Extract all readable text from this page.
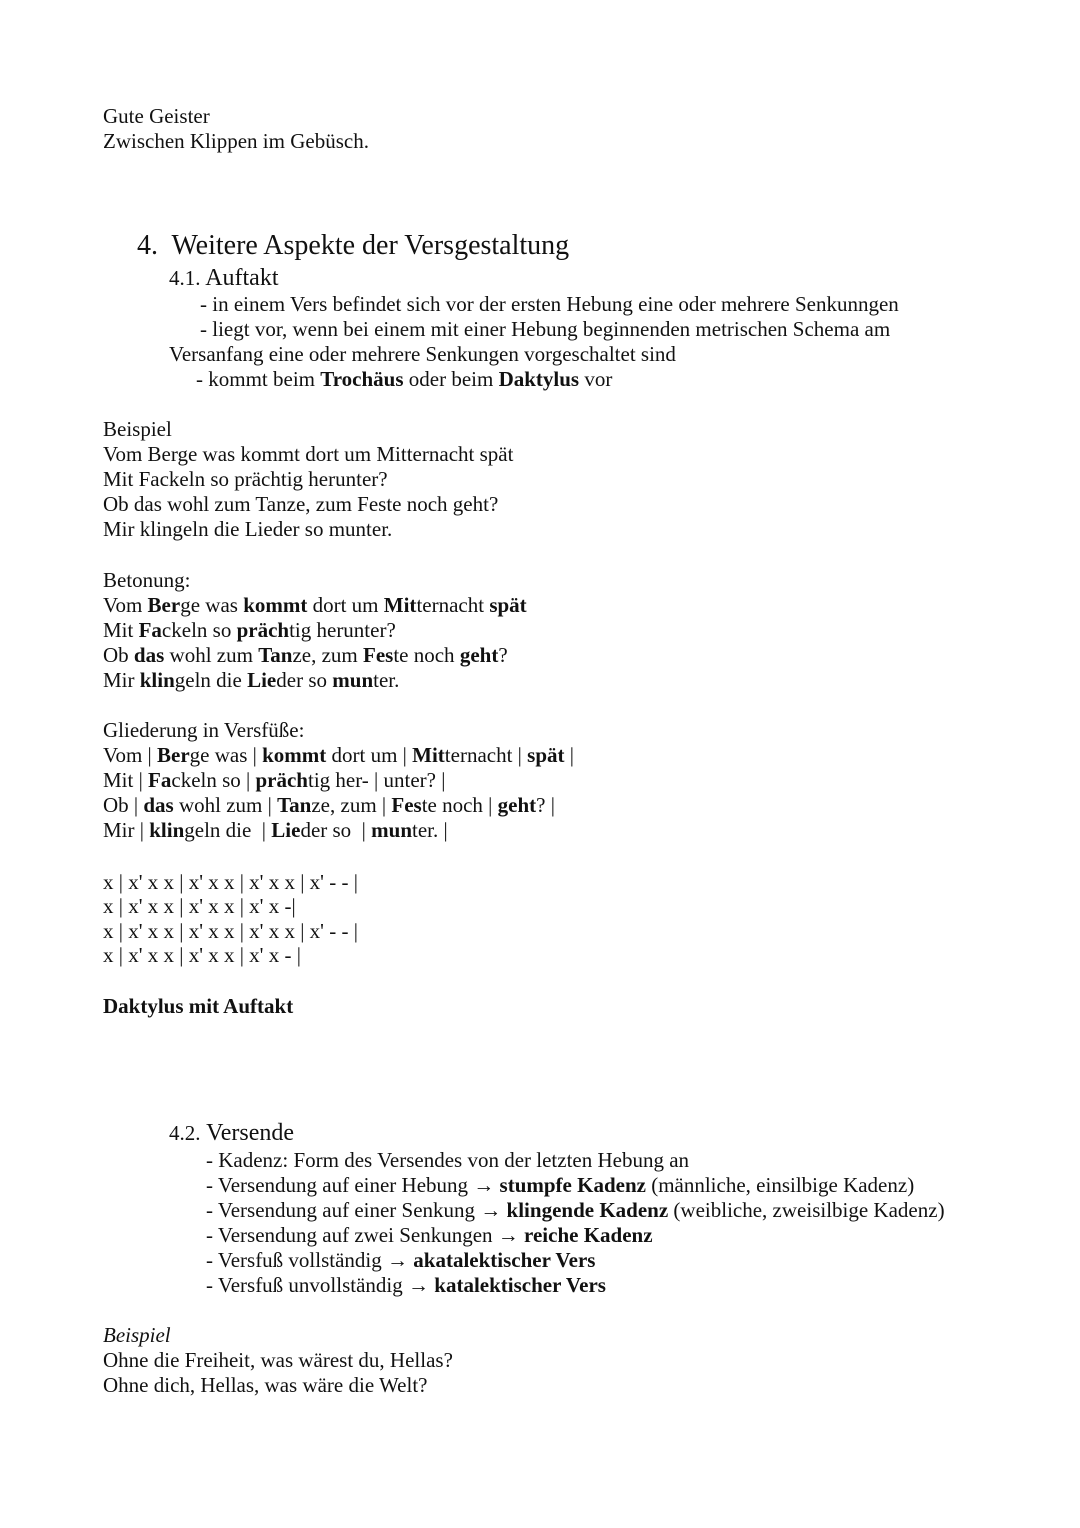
Gute Geister
Zwischen Klippen im Gebüsch.
4. Weitere Aspekte der Versgestaltung
4.1. Auftakt
- in einem Vers befindet sich vor der ersten Hebung eine oder mehrere Senkunngen
- liegt vor, wenn bei einem mit einer Hebung beginnenden metrischen Schema am
Versanfang eine oder mehrere Senkungen vorgeschaltet sind
- kommt beim Trochäus oder beim Daktylus vor
Beispiel
Vom Berge was kommt dort um Mitternacht spät
Mit Fackeln so prächtig herunter?
Ob das wohl zum Tanze, zum Feste noch geht?
Mir klingeln die Lieder so munter.
Betonung:
Vom Berge was kommt dort um Mitternacht spät
Mit Fackeln so prächtig herunter?
Ob das wohl zum Tanze, zum Feste noch geht?
Mir klingeln die Lieder so munter.
Gliederung in Versfüße:
Vom | Berge was | kommt dort um | Mitternacht | spät |
Mit | Fackeln so | prächtig her- | unter? |
Ob | das wohl zum | Tanze, zum | Feste noch | geht? |
Mir | klingeln die  | Lieder so  | munter. |
x | x' x x | x' x x | x' x x | x' - - |
x | x' x x | x' x x | x' x -|
x | x' x x | x' x x | x' x x | x' - - |
x | x' x x | x' x x | x' x - |
Daktylus mit Auftakt
4.2. Versende
- Kadenz: Form des Versendes von der letzten Hebung an
- Versendung auf einer Hebung → stumpfe Kadenz (männliche, einsilbige Kadenz)
- Versendung auf einer Senkung → klingende Kadenz (weibliche, zweisilbige Kadenz)
- Versendung auf zwei Senkungen → reiche Kadenz
- Versfuß vollständig → akatalektischer Vers
- Versfuß unvollständig → katalektischer Vers
Beispiel
Ohne die Freiheit, was wärest du, Hellas?
Ohne dich, Hellas, was wäre die Welt?
